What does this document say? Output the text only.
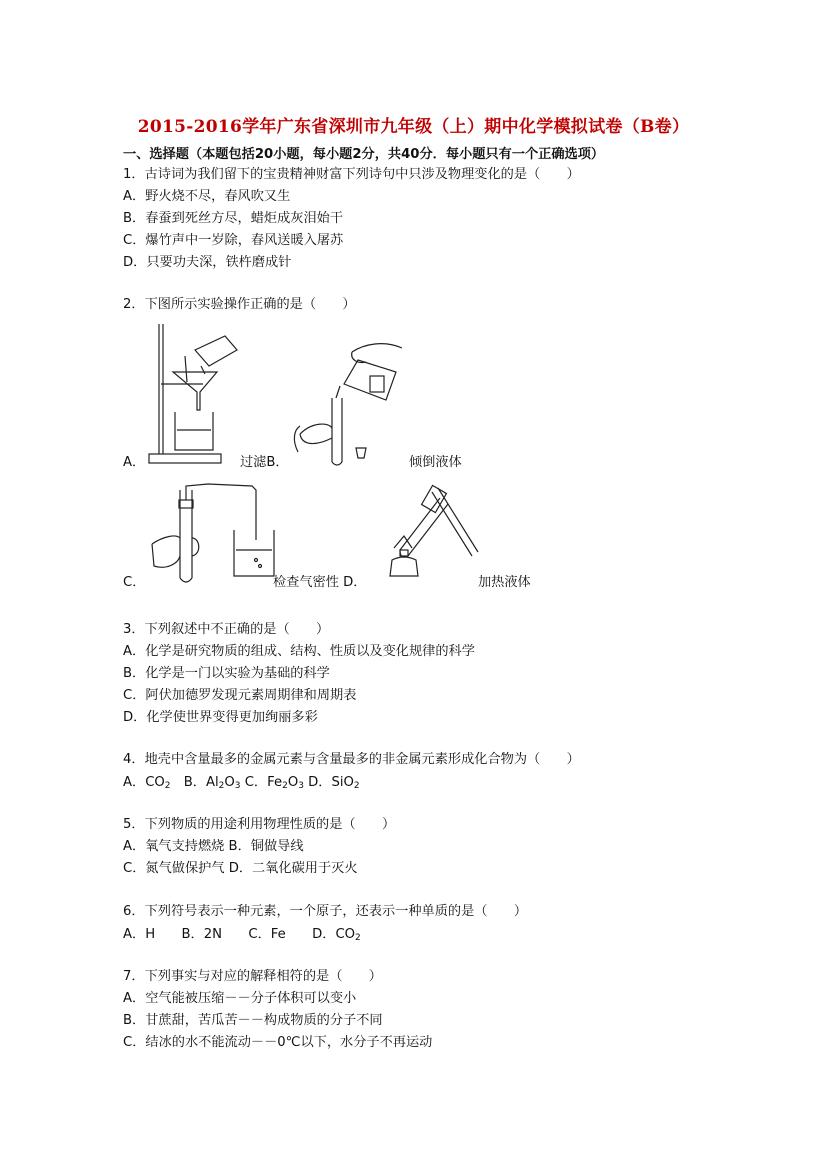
2015-2016学年广东省深圳市九年级（上）期中化学模拟试卷（B卷）
一、选择题（本题包括20小题，每小题2分，共40分．每小题只有一个正确选项）
1．古诗词为我们留下的宝贵精神财富下列诗句中只涉及物理变化的是（　　）
A．野火烧不尽，春风吹又生
B．春蚕到死丝方尽，蜡炬成灰泪始干
C．爆竹声中一岁除，春风送暖入屠苏
D．只要功夫深，铁杵磨成针
2．下图所示实验操作正确的是（　　）
A．	过滤B．	倾倒液体
C．	检查气密性 D．	加热液体
3．下列叙述中不正确的是（　　）
A．化学是研究物质的组成、结构、性质以及变化规律的科学
B．化学是一门以实验为基础的科学
C．阿伏加德罗发现元素周期律和周期表
D．化学使世界变得更加绚丽多彩
4．地壳中含量最多的金属元素与含量最多的非金属元素形成化合物为（　　）
A．$CO_2$　B．$Al_2O_3$ C．$Fe_2O_3$ D．SiO$_2$
5．下列物质的用途利用物理性质的是（　　）
A．氧气支持燃烧 B．铜做导线
C．氮气做保护气 D．二氧化碳用于灭火
6．下列符号表示一种元素，一个原子，还表示一种单质的是（　　）
A．H　　B．2N　　C．Fe　　D．$CO_2$
7．下列事实与对应的解释相符的是（　　）
A．空气能被压缩－－分子体积可以变小
B．甘蔗甜，苦瓜苦－－构成物质的分子不同
C．结冰的水不能流动－－0℃以下，水分子不再运动
